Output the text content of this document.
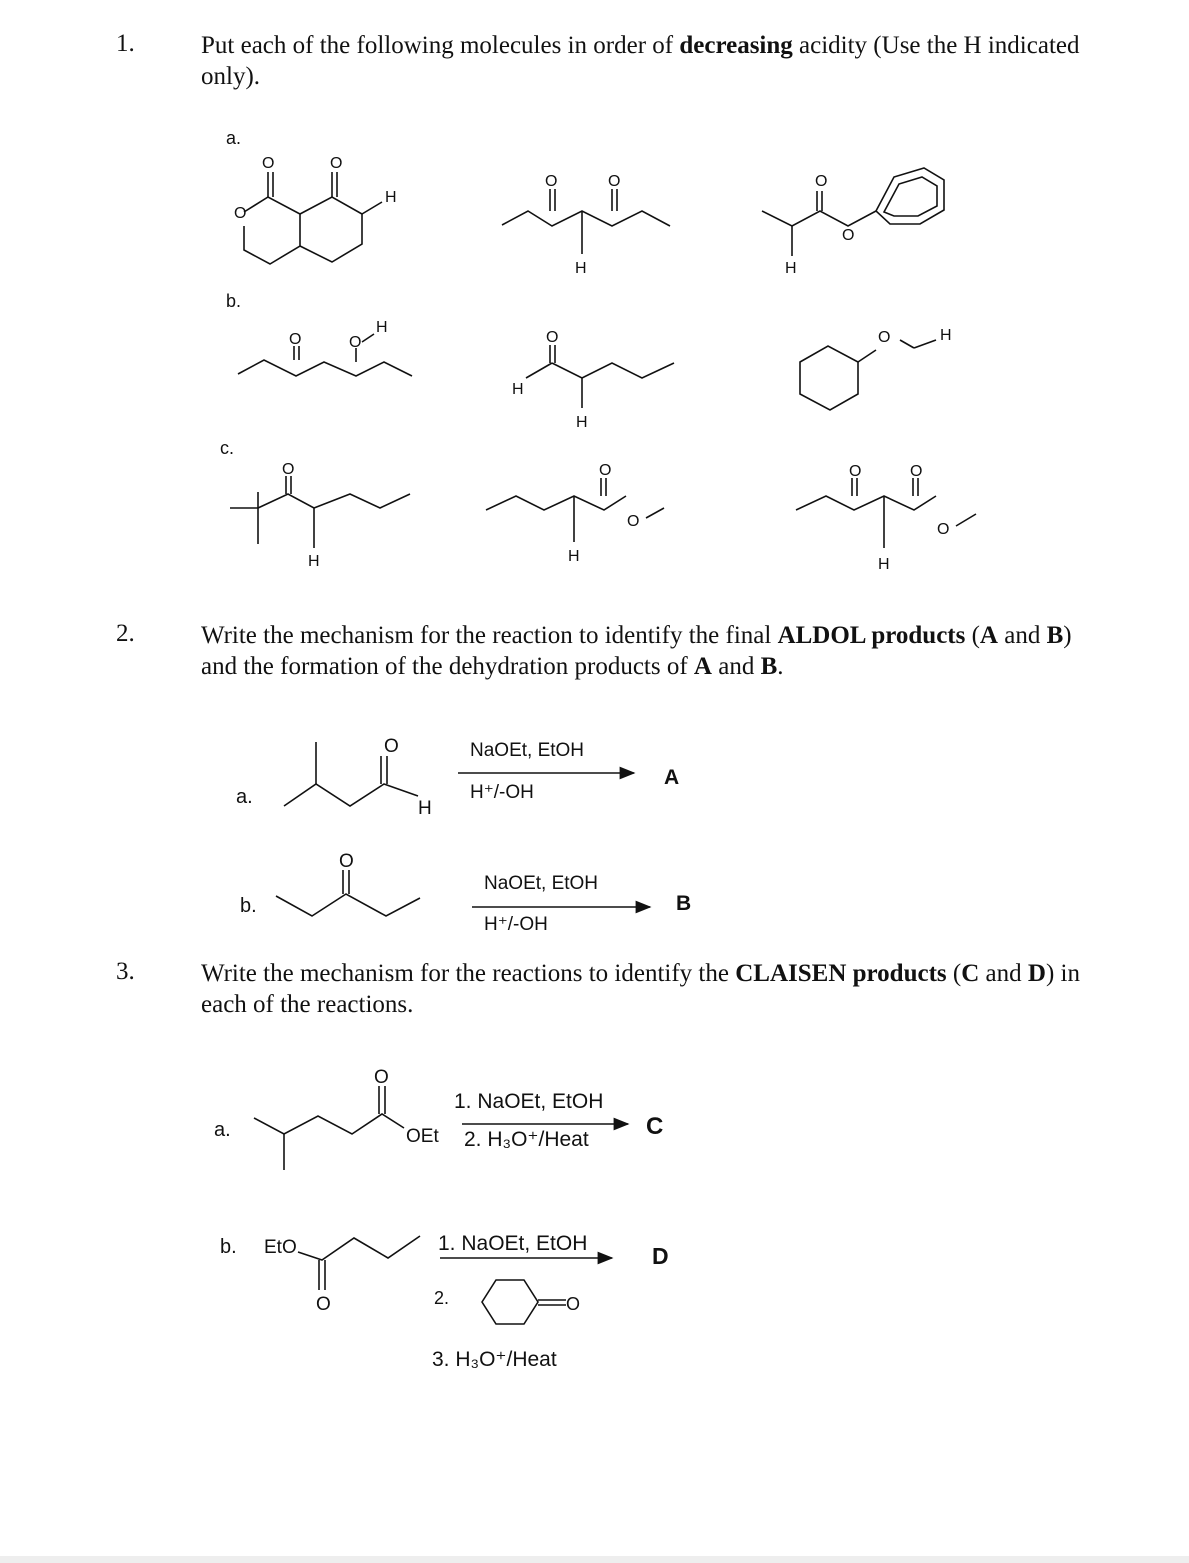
1.	Put each of the following molecules in order of decreasing acidity (Use the H indicated only).
2.	Write the mechanism for the reaction to identify the final ALDOL products (A and B) and the formation of the dehydration products of A and B.
3.	Write the mechanism for the reactions to identify the CLAISEN products (C and D) in each of the reactions.
a.
b.
c.
O	O
O
H
O	O
H
O
O
H
O	O
H
O
H
H
O	H
O
H
O
O
H
O	O
O
H
a.
O
H
NaOEt, EtOH
H⁺/-OH
A
b.
O
NaOEt, EtOH
H⁺/-OH
B
a.
O
OEt
1. NaOEt, EtOH
2. H₃O⁺/Heat C
b. EtO
O
1. NaOEt, EtOH	D
2.	O
3. H₃O⁺/Heat
